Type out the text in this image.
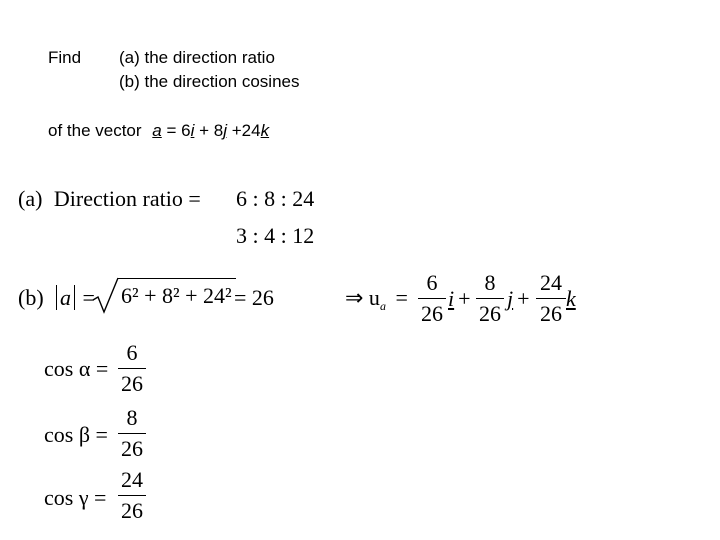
Find (a) the direction ratio
(b) the direction cosines
of the vector a = 6i + 8j +24k
(a) Direction ratio = 6 : 8 : 24
3 : 4 : 12
(b) a = 6² + 8² + 24² = 26	⇒ $u_a$ =
6
26
i +
8
26
j +
24
26
k
cos α =
6
26
cos β =
8
26
cos γ =
24
26
